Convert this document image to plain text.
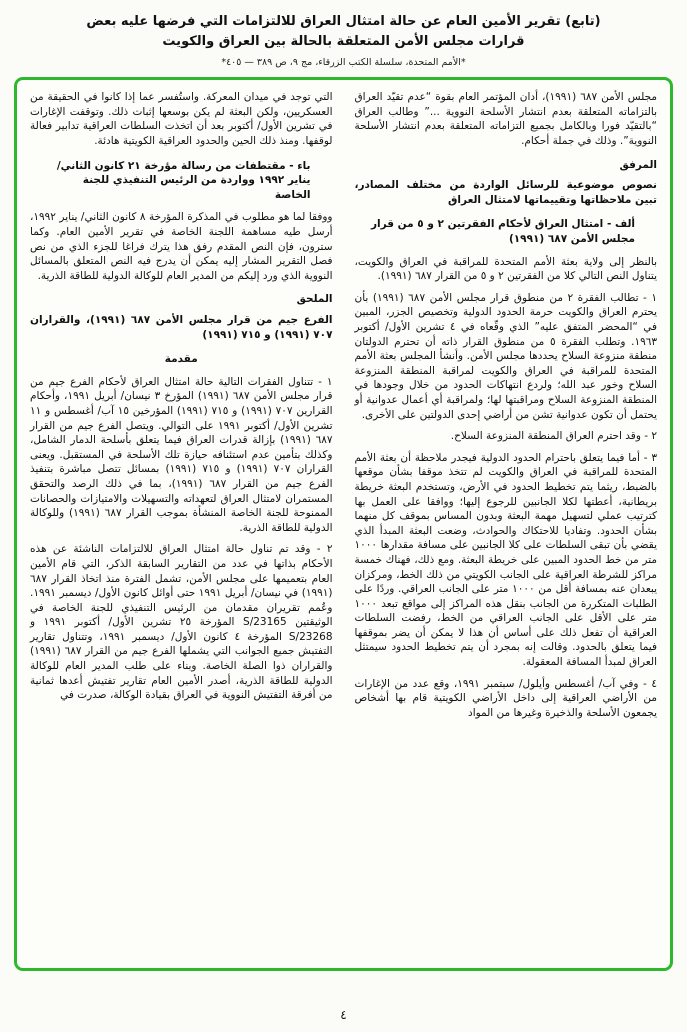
(تابع) تقرير الأمين العام عن حالة امتثال العراق للالتزامات التي فرضها عليه بعض
قرارات مجلس الأمن المتعلقة بالحالة بين العراق والكويت
*الأمم المتحدة، سلسلة الكتب الزرقاء، مج ٩، ص ٣٨٩ — ٤٠٥*
مجلس الأمن ٦٨٧ (١٩٩١)، أدان المؤتمر العام بقوة “عدم تقيّد العراق بالتزاماته المتعلقة بعدم انتشار الأسلحة النووية ...” وطالب العراق “بالتقيّد فورا وبالكامل بجميع التزاماته المتعلقة بعدم انتشار الأسلحة النووية”. وذلك في جملة أحكام.
المرفق
نصوص موضوعية للرسائل الواردة من مختلف المصادر، تبين ملاحظاتها وتقييماتها لامتثال العراق
ألف - امتثال العراق لأحكام الفقرتين ٢ و ٥ من قرار مجلس الأمن ٦٨٧ (١٩٩١)
بالنظر إلى ولاية بعثة الأمم المتحدة للمراقبة في العراق والكويت، يتناول النص التالي كلا من الفقرتين ٢ و ٥ من القرار ٦٨٧ (١٩٩١).
١ - تطالب الفقرة ٢ من منطوق قرار مجلس الأمن ٦٨٧ (١٩٩١) بأن يحترم العراق والكويت حرمة الحدود الدولية وتخصيص الجزر، المبين في “المحضر المتفق عليه” الذي وقّعاه في ٤ تشرين الأول/ أكتوبر ١٩٦٣. وتطلب الفقرة ٥ من منطوق القرار ذاته أن تحترم الدولتان منطقة منزوعة السلاح يحددها مجلس الأمن. وأنشأ المجلس بعثة الأمم المتحدة للمراقبة في العراق والكويت لمراقبة المنطقة المنزوعة السلاح وخور عبد الله؛ ولردع انتهاكات الحدود من خلال وجودها في المنطقة المنزوعة السلاح ومراقبتها لها؛ ولمراقبة أي أعمال عدوانية أو يحتمل أن تكون عدوانية تشن من أراضي إحدى الدولتين على الأخرى.
٢ - وقد احترم العراق المنطقة المنزوعة السلاح.
٣ - أما فيما يتعلق باحترام الحدود الدولية فيجدر ملاحظة أن بعثة الأمم المتحدة للمراقبة في العراق والكويت لم تتخذ موقفا بشأن موقعها بالضبط، ريثما يتم تخطيط الحدود في الأرض، وتستخدم البعثة خريطة بريطانية، أعطتها لكلا الجانبين للرجوع إليها؛ ووافقا على العمل بها كترتيب عملي لتسهيل مهمة البعثة وبدون المساس بموقف كل منهما بشأن الحدود. وتفاديا للاحتكاك والحوادث، وضعت البعثة المبدأ الذي يقضي بأن تبقى السلطات على كلا الجانبين على مسافة مقدارها ١٠٠٠ متر من خط الحدود المبين على خريطة البعثة. ومع ذلك، فهناك خمسة مراكز للشرطة العراقية على الجانب الكويتي من ذلك الخط، ومركزان يبعدان عنه بمسافة أقل من ١٠٠٠ متر على الجانب العراقي. وردًا على الطلبات المتكررة من الجانب بنقل هذه المراكز إلى مواقع تبعد ١٠٠٠ متر على الأقل على الجانب العراقي من الخط، رفضت السلطات العراقية أن تفعل ذلك على أساس أن هذا لا يمكن أن يضر بموقفها فيما يتعلق بالحدود. وقالت إنه بمجرد أن يتم تخطيط الحدود سيمتثل العراق لمبدأ المسافة المعقولة.
٤ - وفي آب/ أغسطس وأيلول/ سبتمبر ١٩٩١، وقع عدد من الإغارات من الأراضي العراقية إلى داخل الأراضي الكويتية قام بها أشخاص يجمعون الأسلحة والذخيرة وغيرها من المواد
التي توجد في ميدان المعركة. واستُفسر عما إذا كانوا في الحقيقة من العسكريين، ولكن البعثة لم يكن بوسعها إثبات ذلك. وتوقفت الإغارات في تشرين الأول/ أكتوبر بعد أن اتخذت السلطات العراقية تدابير فعالة لوقفها. ومنذ ذلك الحين والحدود العراقية الكويتية هادئة.
باء - مقتطفات من رسالة مؤرخة ٢١ كانون الثاني/ يناير ١٩٩٢ وواردة من الرئيس التنفيذي للجنة الخاصة
ووفقا لما هو مطلوب في المذكرة المؤرخة ٨ كانون الثاني/ يناير ١٩٩٢، أرسل طيه مساهمة اللجنة الخاصة في تقرير الأمين العام. وكما سترون، فإن النص المقدم رفق هذا يترك فراغا للجزء الذي من نص فصل التقرير المشار إليه يمكن أن يدرج فيه النص المتعلق بالمسائل النووية الذي ورد إليكم من المدير العام للوكالة الدولية للطاقة الذرية.
الملحق
الفرع جيم من قرار مجلس الأمن ٦٨٧ (١٩٩١)، والقراران ٧٠٧ (١٩٩١) و ٧١٥ (١٩٩١)
مقدمة
١ - تتناول الفقرات التالية حالة امتثال العراق لأحكام الفرع جيم من قرار مجلس الأمن ٦٨٧ (١٩٩١) المؤرخ ٣ نيسان/ أبريل ١٩٩١، وأحكام القرارين ٧٠٧ (١٩٩١) و ٧١٥ (١٩٩١) المؤرخين ١٥ آب/ أغسطس و ١١ تشرين الأول/ أكتوبر ١٩٩١ على التوالي. ويتصل الفرع جيم من القرار ٦٨٧ (١٩٩١) بإزالة قدرات العراق فيما يتعلق بأسلحة الدمار الشامل، وكذلك بتأمين عدم استئنافه حيازة تلك الأسلحة في المستقبل. ويعنى القراران ٧٠٧ (١٩٩١) و ٧١٥ (١٩٩١) بمسائل تتصل مباشرة بتنفيذ الفرع جيم من القرار ٦٨٧ (١٩٩١)، بما في ذلك الرصد والتحقق المستمران لامتثال العراق لتعهداته والتسهيلات والامتيازات والحصانات الممنوحة للجنة الخاصة المنشأة بموجب القرار ٦٨٧ (١٩٩١) وللوكالة الدولية للطاقة الذرية.
٢ - وقد تم تناول حالة امتثال العراق للالتزامات الناشئة عن هذه الأحكام بذاتها في عدد من التقارير السابقة الذكر، التي قام الأمين العام بتعميمها على مجلس الأمن، تشمل الفترة منذ اتخاذ القرار ٦٨٧ (١٩٩١) في نيسان/ أبريل ١٩٩١ حتى أوائل كانون الأول/ ديسمبر ١٩٩١. وعُمم تقريران مقدمان من الرئيس التنفيذي للجنة الخاصة في الوثيقتين S/23165 المؤرخة ٢٥ تشرين الأول/ أكتوبر ١٩٩١ و S/23268 المؤرخة ٤ كانون الأول/ ديسمبر ١٩٩١، وتتناول تقارير التفتيش جميع الجوانب التي يشملها الفرع جيم من القرار ٦٨٧ (١٩٩١) والقراران ذوا الصلة الخاصة. وبناء على طلب المدير العام للوكالة الدولية للطاقة الذرية، أصدر الأمين العام تقارير تفتيش أعدها ثمانية من أفرقة التفتيش النووية في العراق بقيادة الوكالة، صدرت في
٤
